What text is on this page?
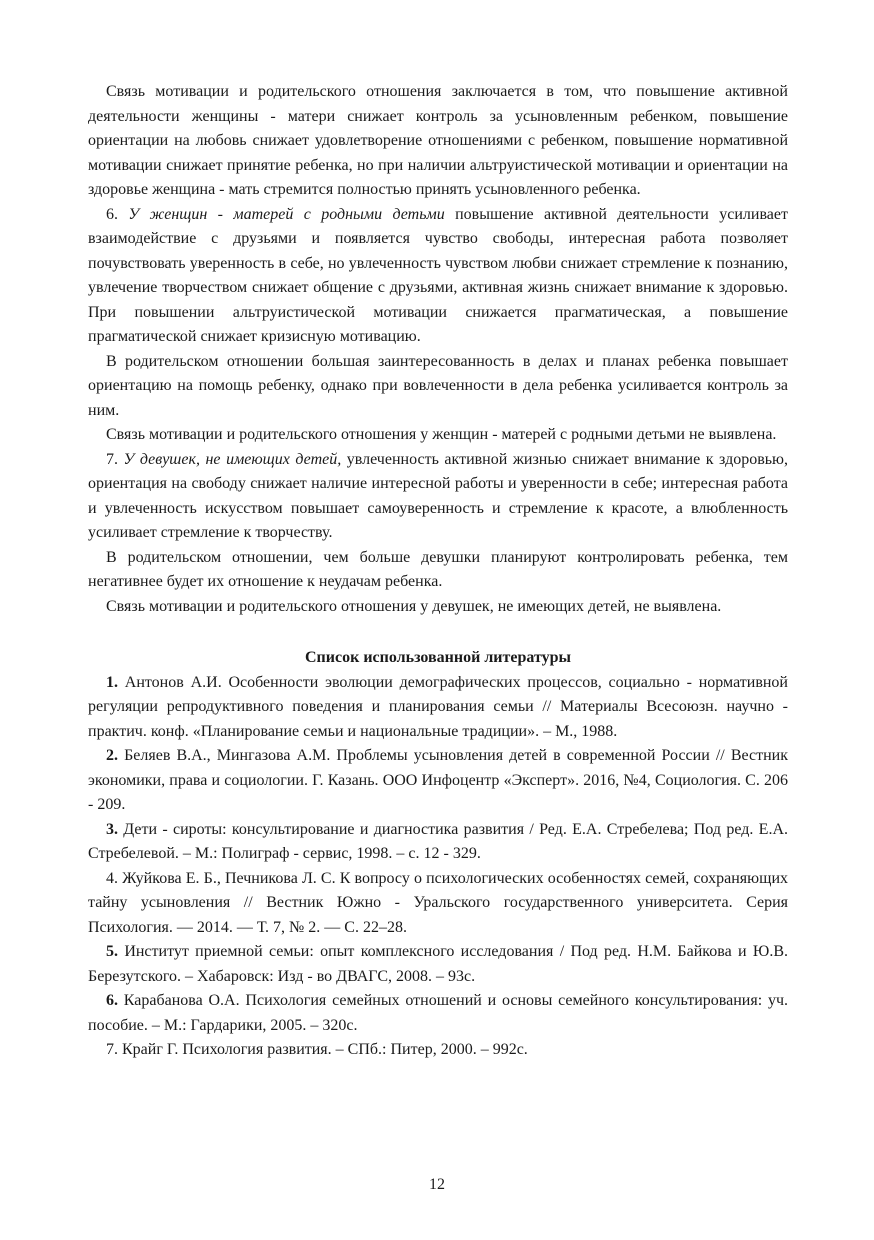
Связь мотивации и родительского отношения заключается в том, что повышение активной деятельности женщины - матери снижает контроль за усыновленным ребенком, повышение ориентации на любовь снижает удовлетворение отношениями с ребенком, повышение нормативной мотивации снижает принятие ребенка, но при наличии альтруистической мотивации и ориентации на здоровье женщина - мать стремится полностью принять усыновленного ребенка.

6. У женщин - матерей с родными детьми повышение активной деятельности усиливает взаимодействие с друзьями и появляется чувство свободы, интересная работа позволяет почувствовать уверенность в себе, но увлеченность чувством любви снижает стремление к познанию, увлечение творчеством снижает общение с друзьями, активная жизнь снижает внимание к здоровью. При повышении альтруистической мотивации снижается прагматическая, а повышение прагматической снижает кризисную мотивацию.

В родительском отношении большая заинтересованность в делах и планах ребенка повышает ориентацию на помощь ребенку, однако при вовлеченности в дела ребенка усиливается контроль за ним.

Связь мотивации и родительского отношения у женщин - матерей с родными детьми не выявлена.

7. У девушек, не имеющих детей, увлеченность активной жизнью снижает внимание к здоровью, ориентация на свободу снижает наличие интересной работы и уверенности в себе; интересная работа и увлеченность искусством повышает самоуверенность и стремление к красоте, а влюбленность усиливает стремление к творчеству.

В родительском отношении, чем больше девушки планируют контролировать ребенка, тем негативнее будет их отношение к неудачам ребенка.

Связь мотивации и родительского отношения у девушек, не имеющих детей, не выявлена.

Список использованной литературы

1. Антонов А.И. Особенности эволюции демографических процессов, социально - нормативной регуляции репродуктивного поведения и планирования семьи // Материалы Всесоюзн. научно - практич. конф. «Планирование семьи и национальные традиции». – М., 1988.

2. Беляев В.А., Мингазова А.М. Проблемы усыновления детей в современной России // Вестник экономики, права и социологии. Г. Казань. ООО Инфоцентр «Эксперт». 2016, №4, Социология. С. 206 - 209.

3. Дети - сироты: консультирование и диагностика развития / Ред. Е.А. Стребелева; Под ред. Е.А. Стребелевой. – М.: Полиграф - сервис, 1998. – с. 12 - 329.

4. Жуйкова Е. Б., Печникова Л. С. К вопросу о психологических особенностях семей, сохраняющих тайну усыновления // Вестник Южно - Уральского государственного университета. Серия Психология. — 2014. — Т. 7, № 2. — С. 22–28.

5. Институт приемной семьи: опыт комплексного исследования / Под ред. Н.М. Байкова и Ю.В. Березутского. – Хабаровск: Изд - во ДВАГС, 2008. – 93с.

6. Карабанова О.А. Психология семейных отношений и основы семейного консультирования: уч. пособие. – М.: Гардарики, 2005. – 320с.

7. Крайг Г. Психология развития. – СПб.: Питер, 2000. – 992с.

12
